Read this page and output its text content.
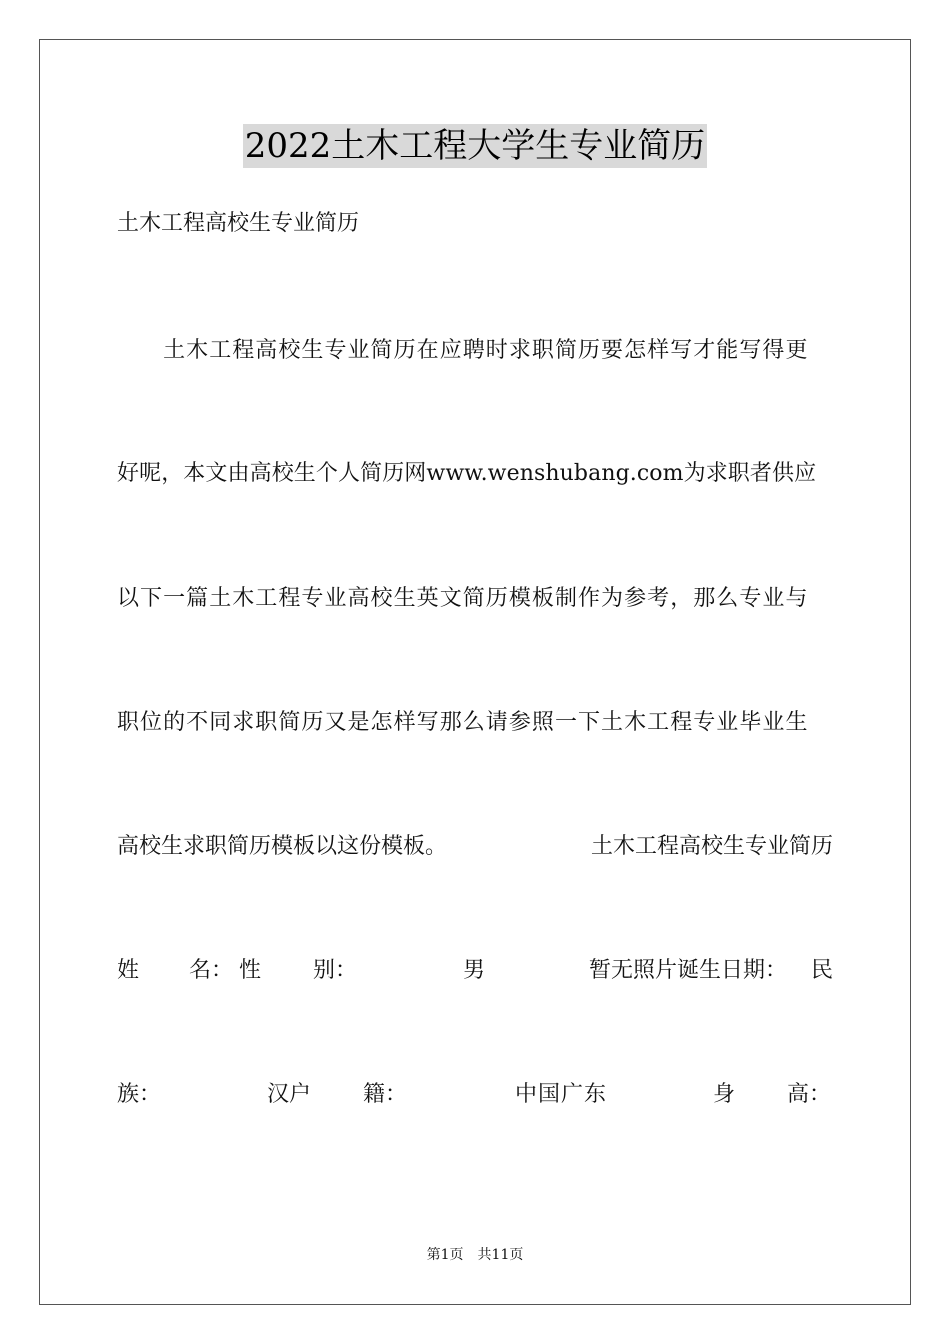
2022土木工程大学生专业简历
土木工程高校生专业简历
　　土木工程高校生专业简历在应聘时求职简历要怎样写才能写得更
好呢，本文由高校生个人简历网www.wenshubang.com为求职者供应
以下一篇土木工程专业高校生英文简历模板制作为参考，那么专业与
职位的不同求职简历又是怎样写那么请参照一下土木工程专业毕业生
高校生求职简历模板以这份模板。	土木工程高校生专业简历
姓 名： 性 别：	男	暂无照片 诞生日期： 民
族：	汉 户 籍：	中国广东	身 高：
第1页 共11页
